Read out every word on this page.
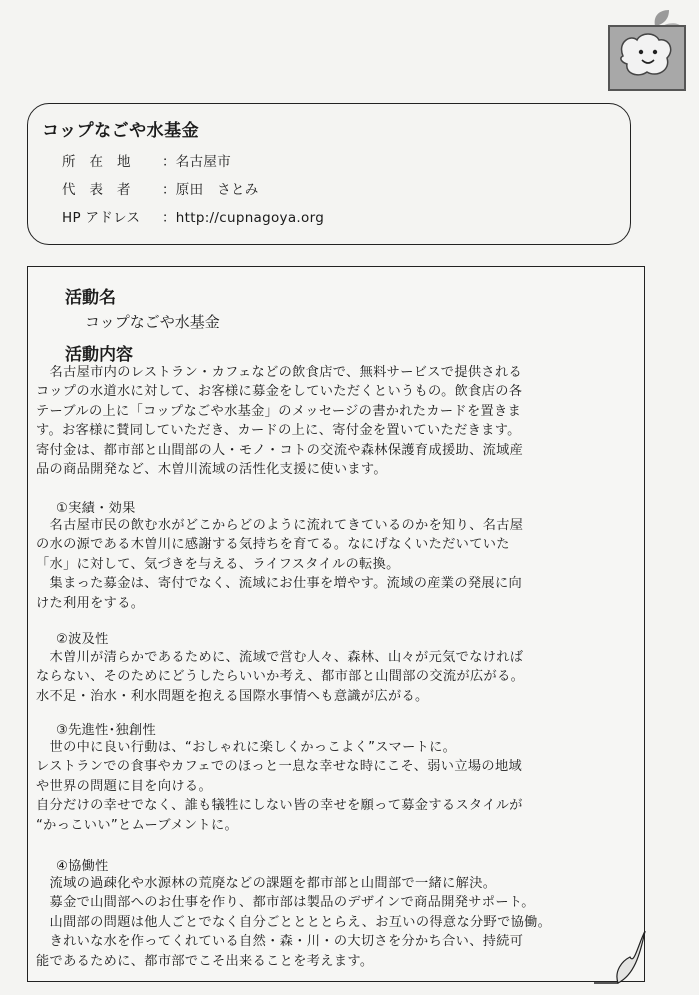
コップなごや水基金
所在地 ：名古屋市
代表者 ：原田　さとみ
HP アドレス ：http://cupnagoya.org
活動名
コップなごや水基金
活動内容
　名古屋市内のレストラン・カフェなどの飲食店で、無料サービスで提供される
コップの水道水に対して、お客様に募金をしていただくというもの。飲食店の各
テーブルの上に「コップなごや水基金」のメッセージの書かれたカードを置きま
す。お客様に賛同していただき、カードの上に、寄付金を置いていただきます。
寄付金は、都市部と山間部の人・モノ・コトの交流や森林保護育成援助、流域産
品の商品開発など、木曽川流域の活性化支援に使います。
①実績・効果
　名古屋市民の飲む水がどこからどのように流れてきているのかを知り、名古屋
の水の源である木曽川に感謝する気持ちを育てる。なにげなくいただいていた
「水」に対して、気づきを与える、ライフスタイルの転換。
　集まった募金は、寄付でなく、流域にお仕事を増やす。流域の産業の発展に向
けた利用をする。
②波及性
　木曽川が清らかであるために、流域で営む人々、森林、山々が元気でなければ
ならない、そのためにどうしたらいいか考え、都市部と山間部の交流が広がる。
水不足・治水・利水問題を抱える国際水事情へも意識が広がる。
③先進性･独創性
　世の中に良い行動は、“おしゃれに楽しくかっこよく”スマートに。
レストランでの食事やカフェでのほっと一息な幸せな時にこそ、弱い立場の地域
や世界の問題に目を向ける。
自分だけの幸せでなく、誰も犠牲にしない皆の幸せを願って募金するスタイルが
“かっこいい”とムーブメントに。
④協働性
　流域の過疎化や水源林の荒廃などの課題を都市部と山間部で一緒に解決。
　募金で山間部へのお仕事を作り、都市部は製品のデザインで商品開発サポート。
　山間部の問題は他人ごとでなく自分ごととととらえ、お互いの得意な分野で協働。
　きれいな水を作ってくれている自然・森・川・の大切さを分かち合い、持続可
能であるために、都市部でこそ出来ることを考えます。
